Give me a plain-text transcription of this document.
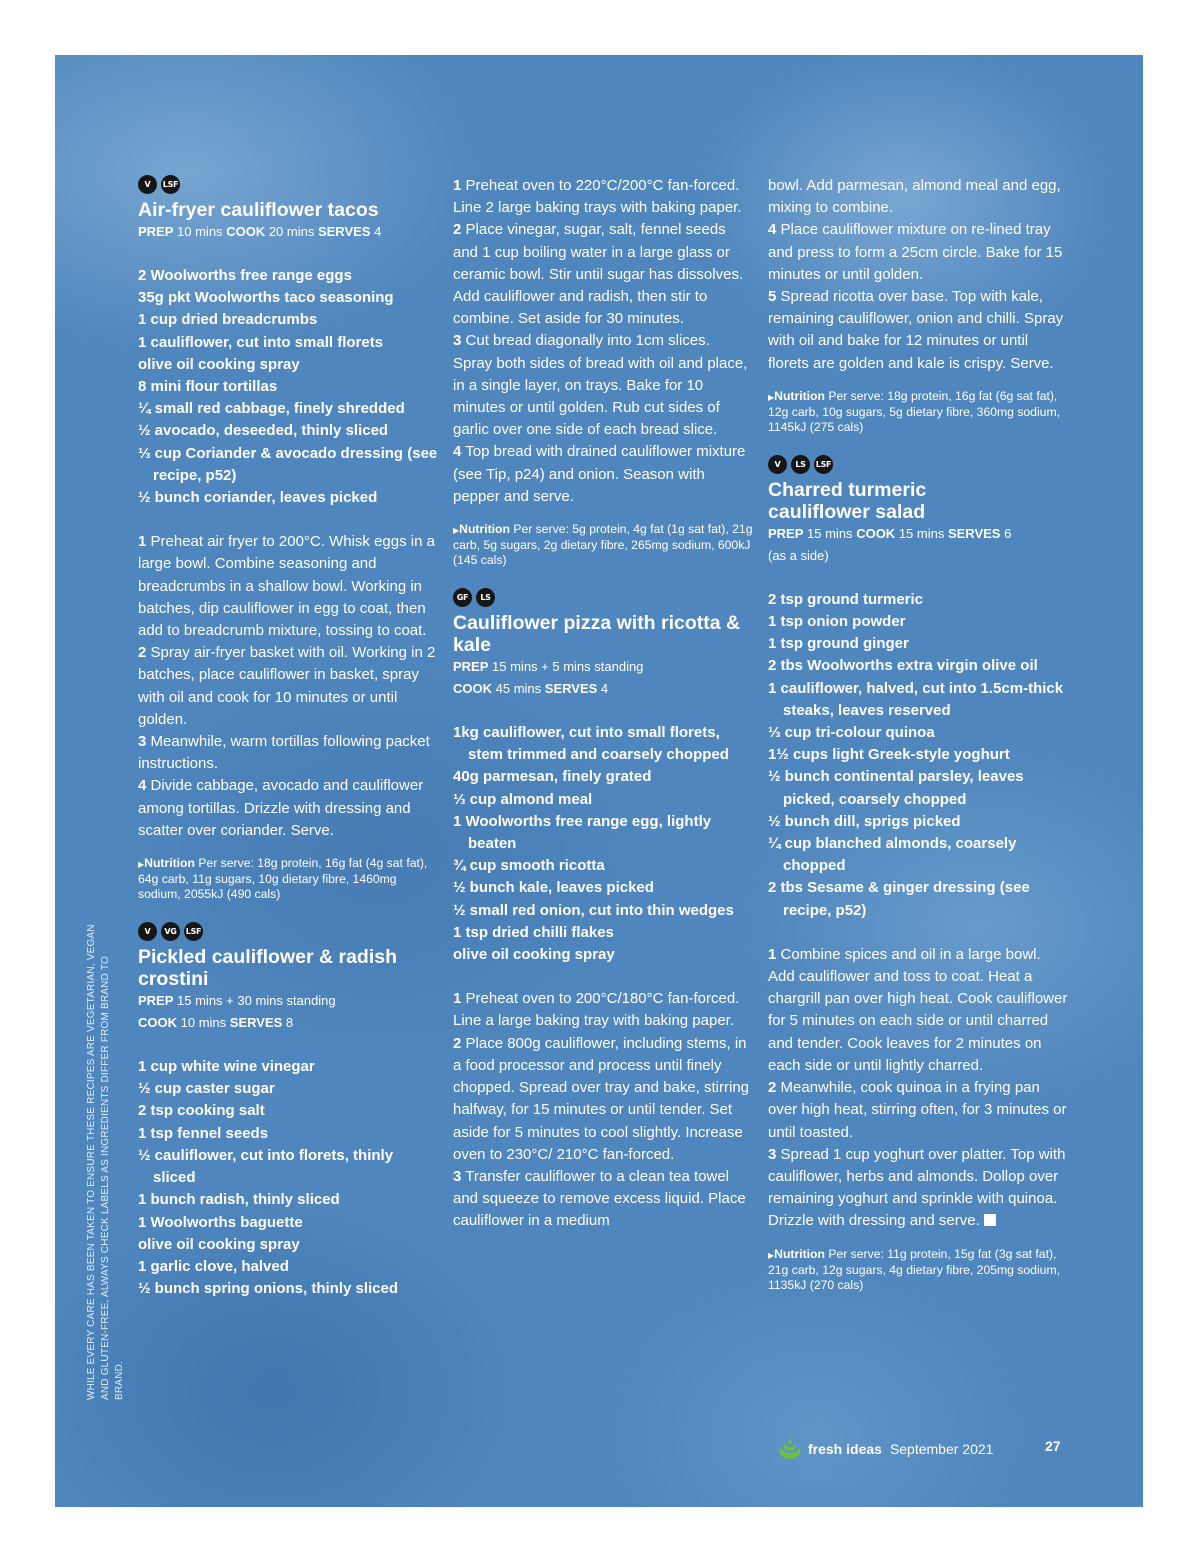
WHILE EVERY CARE HAS BEEN TAKEN TO ENSURE THESE RECIPES ARE VEGETARIAN, VEGAN AND GLUTEN-FREE, ALWAYS CHECK LABELS AS INGREDIENTS DIFFER FROM BRAND TO BRAND.
V	LSF
Air-fryer cauliflower tacos

PREP 10 mins COOK 20 mins SERVES 4

2 Woolworths free range eggs

35g pkt Woolworths taco seasoning

1 cup dried breadcrumbs

1 cauliflower, cut into small florets

olive oil cooking spray

8 mini flour tortillas

¼ small red cabbage, finely shredded

½ avocado, deseeded, thinly sliced

⅓ cup Coriander & avocado dressing (see recipe, p52)

½ bunch coriander, leaves picked

1 Preheat air fryer to 200°C. Whisk eggs in a large bowl. Combine seasoning and breadcrumbs in a shallow bowl. Working in batches, dip cauliflower in egg to coat, then add to breadcrumb mixture, tossing to coat.

2 Spray air-fryer basket with oil. Working in 2 batches, place cauliflower in basket, spray with oil and cook for 10 minutes or until golden.

3 Meanwhile, warm tortillas following packet instructions.

4 Divide cabbage, avocado and cauliflower among tortillas. Drizzle with dressing and scatter over coriander. Serve.

▶Nutrition Per serve: 18g protein, 16g fat (4g sat fat), 64g carb, 11g sugars, 10g dietary fibre, 1460mg sodium, 2055kJ (490 cals)

V	VG	LSF
Pickled cauliflower & radish crostini

PREP 15 mins + 30 mins standing

COOK 10 mins SERVES 8

1 cup white wine vinegar

½ cup caster sugar

2 tsp cooking salt

1 tsp fennel seeds

½ cauliflower, cut into florets, thinly sliced

1 bunch radish, thinly sliced

1 Woolworths baguette

olive oil cooking spray

1 garlic clove, halved

½ bunch spring onions, thinly sliced

1 Preheat oven to 220°C/200°C fan-forced. Line 2 large baking trays with baking paper.

2 Place vinegar, sugar, salt, fennel seeds and 1 cup boiling water in a large glass or ceramic bowl. Stir until sugar has dissolves. Add cauliflower and radish, then stir to combine. Set aside for 30 minutes.

3 Cut bread diagonally into 1cm slices. Spray both sides of bread with oil and place, in a single layer, on trays. Bake for 10 minutes or until golden. Rub cut sides of garlic over one side of each bread slice.

4 Top bread with drained cauliflower mixture (see Tip, p24) and onion. Season with pepper and serve.

▶Nutrition Per serve: 5g protein, 4g fat (1g sat fat), 21g carb, 5g sugars, 2g dietary fibre, 265mg sodium, 600kJ (145 cals)

GF	LS
Cauliflower pizza with ricotta & kale

PREP 15 mins + 5 mins standing

COOK 45 mins SERVES 4

1kg cauliflower, cut into small florets, stem trimmed and coarsely chopped

40g parmesan, finely grated

⅓ cup almond meal

1 Woolworths free range egg, lightly beaten

¾ cup smooth ricotta

½ bunch kale, leaves picked

½ small red onion, cut into thin wedges

1 tsp dried chilli flakes

olive oil cooking spray

1 Preheat oven to 200°C/180°C fan-forced. Line a large baking tray with baking paper.

2 Place 800g cauliflower, including stems, in a food processor and process until finely chopped. Spread over tray and bake, stirring halfway, for 15 minutes or until tender. Set aside for 5 minutes to cool slightly. Increase oven to 230°C/ 210°C fan-forced.

3 Transfer cauliflower to a clean tea towel and squeeze to remove excess liquid. Place cauliflower in a medium

bowl. Add parmesan, almond meal and egg, mixing to combine.

4 Place cauliflower mixture on re-lined tray and press to form a 25cm circle. Bake for 15 minutes or until golden.

5 Spread ricotta over base. Top with kale, remaining cauliflower, onion and chilli. Spray with oil and bake for 12 minutes or until florets are golden and kale is crispy. Serve.

▶Nutrition Per serve: 18g protein, 16g fat (6g sat fat), 12g carb, 10g sugars, 5g dietary fibre, 360mg sodium, 1145kJ (275 cals)

V	LS	LSF
Charred turmeric cauliflower salad

PREP 15 mins COOK 15 mins SERVES 6

(as a side)

2 tsp ground turmeric

1 tsp onion powder

1 tsp ground ginger

2 tbs Woolworths extra virgin olive oil

1 cauliflower, halved, cut into 1.5cm-thick steaks, leaves reserved

⅓ cup tri-colour quinoa

1½ cups light Greek-style yoghurt

½ bunch continental parsley, leaves picked, coarsely chopped

½ bunch dill, sprigs picked

¼ cup blanched almonds, coarsely chopped

2 tbs Sesame & ginger dressing (see recipe, p52)

1 Combine spices and oil in a large bowl. Add cauliflower and toss to coat. Heat a chargrill pan over high heat. Cook cauliflower for 5 minutes on each side or until charred and tender. Cook leaves for 2 minutes on each side or until lightly charred.

2 Meanwhile, cook quinoa in a frying pan over high heat, stirring often, for 3 minutes or until toasted.

3 Spread 1 cup yoghurt over platter. Top with cauliflower, herbs and almonds. Dollop over remaining yoghurt and sprinkle with quinoa. Drizzle with dressing and serve.

▶Nutrition Per serve: 11g protein, 15g fat (3g sat fat), 21g carb, 12g sugars, 4g dietary fibre, 205mg sodium, 1135kJ (270 cals)

fresh ideas September 2021	27
